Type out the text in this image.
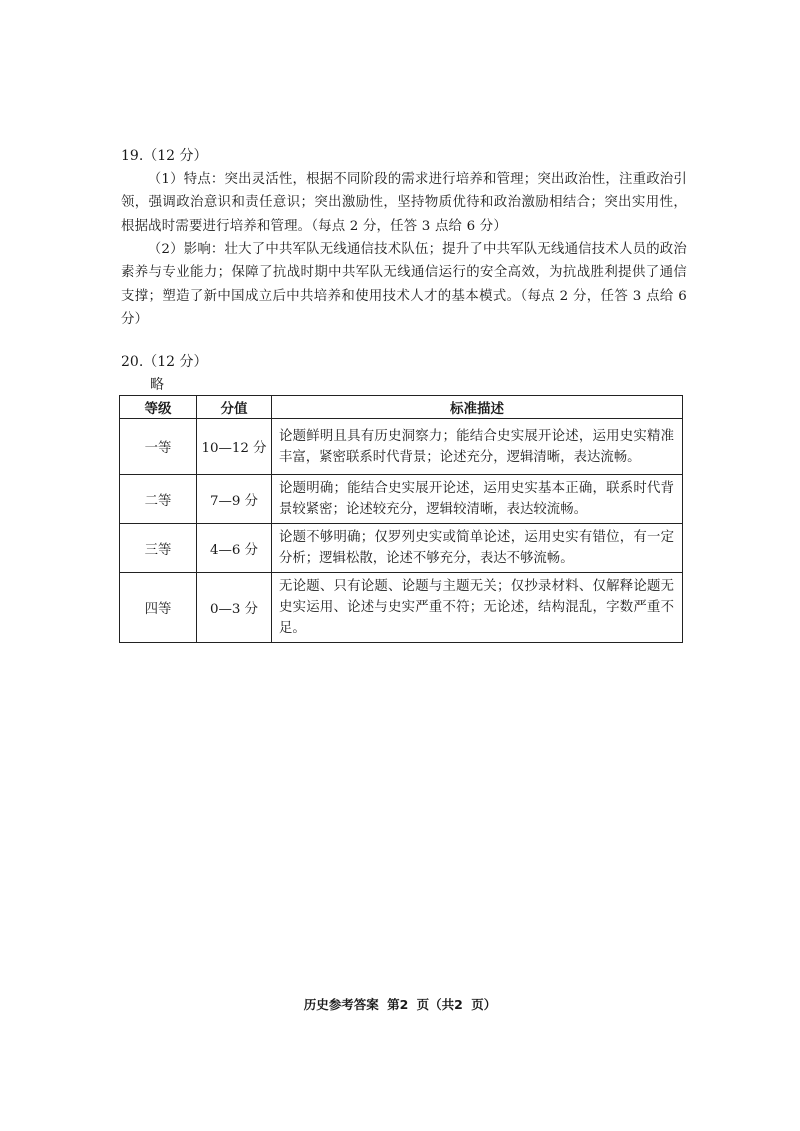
19.（12 分）

（1）特点：突出灵活性，根据不同阶段的需求进行培养和管理；突出政治性，注重政治引领，强调政治意识和责任意识；突出激励性，坚持物质优待和政治激励相结合；突出实用性，根据战时需要进行培养和管理。（每点 2 分，任答 3 点给 6 分）

（2）影响：壮大了中共军队无线通信技术队伍；提升了中共军队无线通信技术人员的政治素养与专业能力；保障了抗战时期中共军队无线通信运行的安全高效，为抗战胜利提供了通信支撑；塑造了新中国成立后中共培养和使用技术人才的基本模式。（每点 2 分，任答 3 点给 6 分）

20.（12 分）
略
等级	分值	标准描述
一等	10—12 分	论题鲜明且具有历史洞察力；能结合史实展开论述，运用史实精准丰富，紧密联系时代背景；论述充分，逻辑清晰，表达流畅。
二等	7—9 分	论题明确；能结合史实展开论述，运用史实基本正确，联系时代背景较紧密；论述较充分，逻辑较清晰，表达较流畅。
三等	4—6 分	论题不够明确；仅罗列史实或简单论述，运用史实有错位，有一定分析；逻辑松散，论述不够充分，表达不够流畅。
四等	0—3 分	无论题、只有论题、论题与主题无关；仅抄录材料、仅解释论题无史实运用、论述与史实严重不符；无论述，结构混乱，字数严重不足。
历史参考答案 第2 页（共2 页）
